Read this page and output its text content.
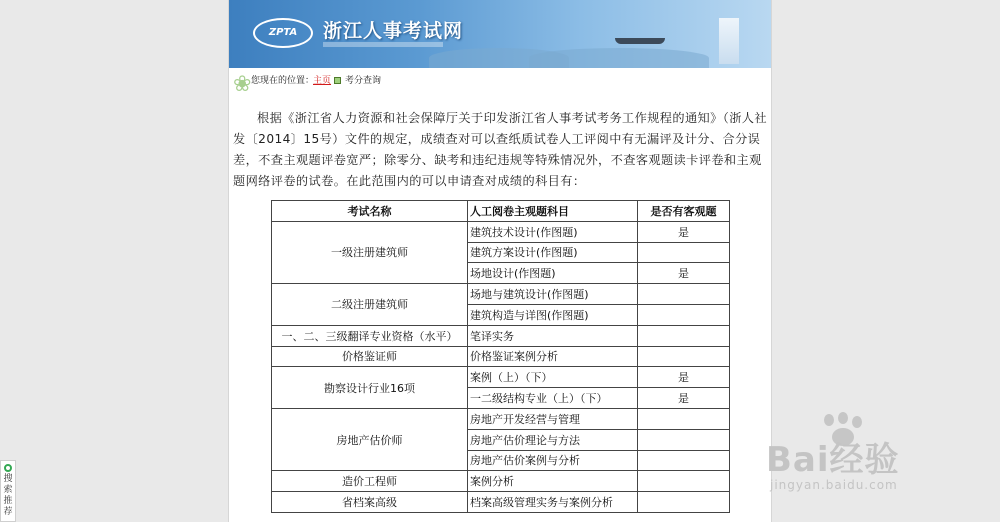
ZPTA	浙江人事考试网
❀ 您现在的位置：
主页 考分查询
根据《浙江省人力资源和社会保障厅关于印发浙江省人事考试考务工作规程的通知》（浙人社发〔2014〕15号）文件的规定，成绩查对可以查纸质试卷人工评阅中有无漏评及计分、合分误差，不查主观题评卷宽严；除零分、缺考和违纪违规等特殊情况外，不查客观题读卡评卷和主观题网络评卷的试卷。在此范围内的可以申请查对成绩的科目有：
考试名称	人工阅卷主观题科目	是否有客观题
一级注册建筑师	建筑技术设计(作图题)	是
	建筑方案设计(作图题)	
	场地设计(作图题)	是
二级注册建筑师	场地与建筑设计(作图题)	
	建筑构造与详图(作图题)	
一、二、三级翻译专业资格（水平）	笔译实务	
价格鉴证师	价格鉴证案例分析	
勘察设计行业16项	案例（上）（下）	是
	一二级结构专业（上）（下）	是
房地产估价师	房地产开发经营与管理	
	房地产估价理论与方法	
	房地产估价案例与分析	
造价工程师	案例分析	
省档案高级	档案高级管理实务与案例分析	
搜索
推荐
Bai经验
jingyan.baidu.com
